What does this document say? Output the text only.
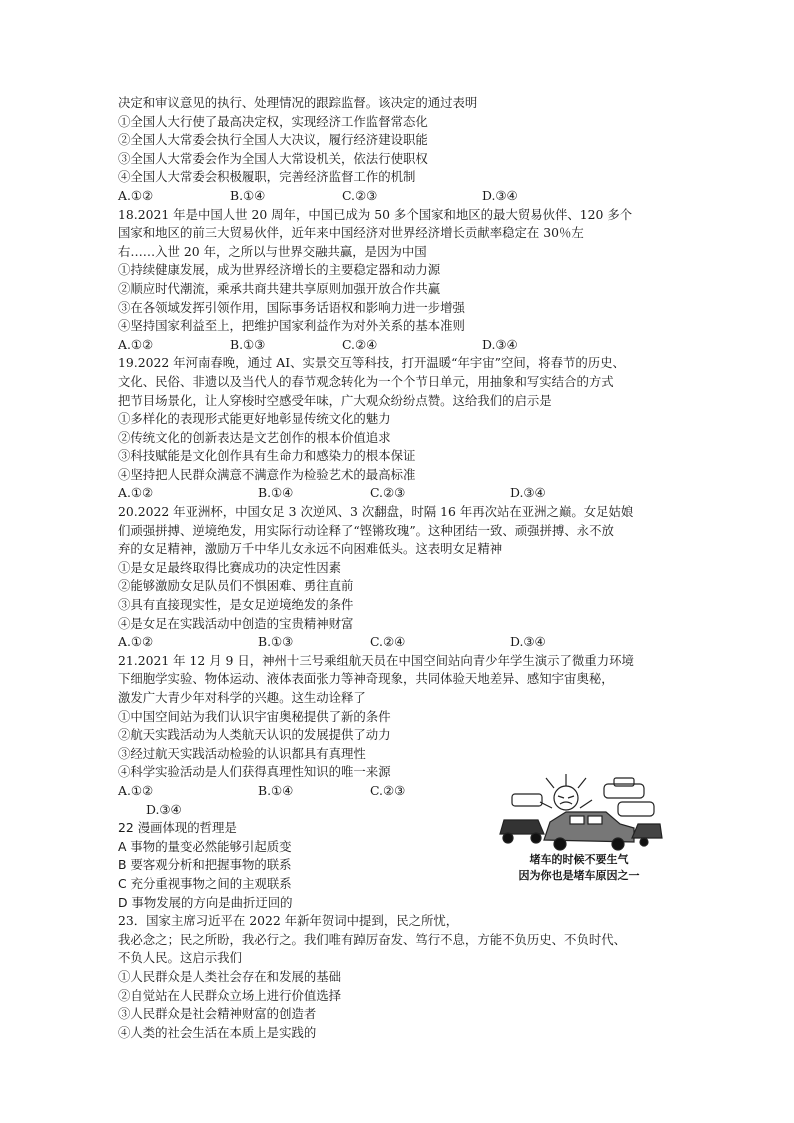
决定和审议意见的执行、处理情况的跟踪监督。该决定的通过表明
①全国人大行使了最高决定权，实现经济工作监督常态化
②全国人大常委会执行全国人大决议，履行经济建设职能
③全国人大常委会作为全国人大常设机关，依法行使职权
④全国人大常委会积极履职，完善经济监督工作的机制
A.①②	B.①④	C.②③	D.③④
18.2021 年是中国人世 20 周年，中国已成为 50 多个国家和地区的最大贸易伙伴、120 多个
国家和地区的前三大贸易伙伴，近年来中国经济对世界经济增长贡献率稳定在 30％左
右……入世 20 年，之所以与世界交融共赢，是因为中国
①持续健康发展，成为世界经济增长的主要稳定器和动力源
②顺应时代潮流，乘承共商共建共享原则加强开放合作共赢
③在各领域发挥引领作用，国际事务话语权和影响力进一步增强
④坚持国家利益至上，把维护国家利益作为对外关系的基本准则
A.①②	B.①③	C.②④	D.③④
19.2022 年河南春晚，通过 AI、实景交互等科技，打开温暖“年宇宙”空间，将春节的历史、
文化、民俗、非遗以及当代人的春节观念转化为一个个节日单元，用抽象和写实结合的方式
把节目场景化，让人穿梭时空感受年味，广大观众纷纷点赞。这给我们的启示是
①多样化的表现形式能更好地彰显传统文化的魅力
②传统文化的创新表达是文艺创作的根本价值追求
③科技赋能是文化创作具有生命力和感染力的根本保证
④坚持把人民群众满意不满意作为检验艺术的最高标准
A.①②	B.①④	C.②③	D.③④
20.2022 年亚洲杯，中国女足 3 次逆风、3 次翻盘，时隔 16 年再次站在亚洲之巅。女足姑娘
们顽强拼搏、逆境绝发，用实际行动诠释了“铿锵玫瑰”。这种团结一致、顽强拼搏、永不放
弃的女足精神，激励万千中华儿女永远不向困难低头。这表明女足精神
①是女足最终取得比赛成功的决定性因素
②能够激励女足队员们不惧困难、勇往直前
③具有直接现实性，是女足逆境绝发的条件
④是女足在实践活动中创造的宝贵精神财富
A.①②	B.①③	C.②④	D.③④
21.2021 年 12 月 9 日，神州十三号乘组航天员在中国空间站向青少年学生演示了微重力环境
下细胞学实验、物体运动、液体表面张力等神奇现象，共同体验天地差异、感知宇宙奥秘，
激发广大青少年对科学的兴趣。这生动诠释了
①中国空间站为我们认识宇宙奥秘提供了新的条件
②航天实践活动为人类航天认识的发展提供了动力
③经过航天实践活动检验的认识都具有真理性
④科学实验活动是人们获得真理性知识的唯一来源
A.①②	B.①④	C.②③
D.③④
22 漫画体现的哲理是
A 事物的量变必然能够引起质变
B 要客观分析和把握事物的联系
C 充分重视事物之间的主观联系
D 事物发展的方向是曲折迂回的
23．国家主席习近平在 2022 年新年贺词中提到，民之所忧，
我必念之；民之所盼，我必行之。我们唯有踔厉奋发、笃行不息，方能不负历史、不负时代、
不负人民。这启示我们
①人民群众是人类社会存在和发展的基础
②自觉站在人民群众立场上进行价值选择
③人民群众是社会精神财富的创造者
④人类的社会生活在本质上是实践的
堵车的时候不要生气
因为你也是堵车原因之一
